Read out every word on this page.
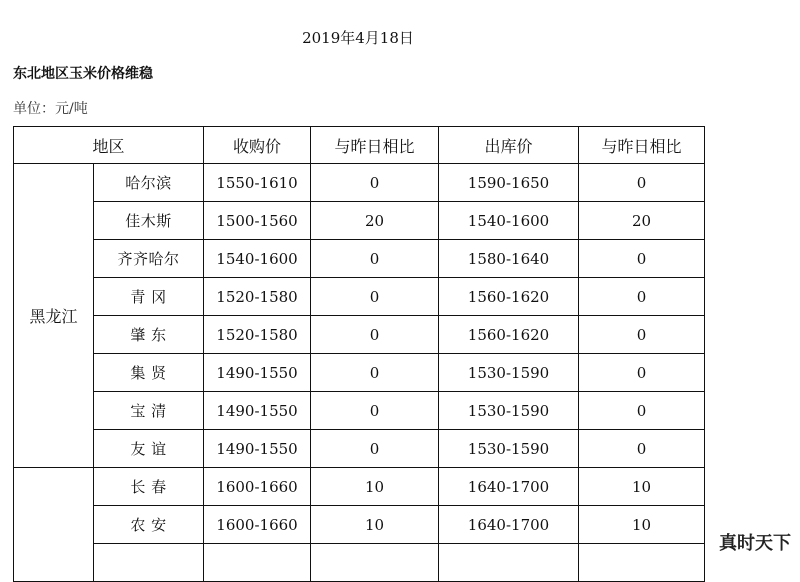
2019年4月18日
东北地区玉米价格维稳
单位：元/吨
地区		收购价	与昨日相比	出库价	与昨日相比
黑龙江	哈尔滨	1550-1610	0	1590-1650	0
	佳木斯	1500-1560	20	1540-1600	20
	齐齐哈尔	1540-1600	0	1580-1640	0
	青 冈	1520-1580	0	1560-1620	0
	肇 东	1520-1580	0	1560-1620	0
	集 贤	1490-1550	0	1530-1590	0
	宝 清	1490-1550	0	1530-1590	0
	友 谊	1490-1550	0	1530-1590	0
	长 春	1600-1660	10	1640-1700	10
	农 安	1600-1660	10	1640-1700	10

真时天下
